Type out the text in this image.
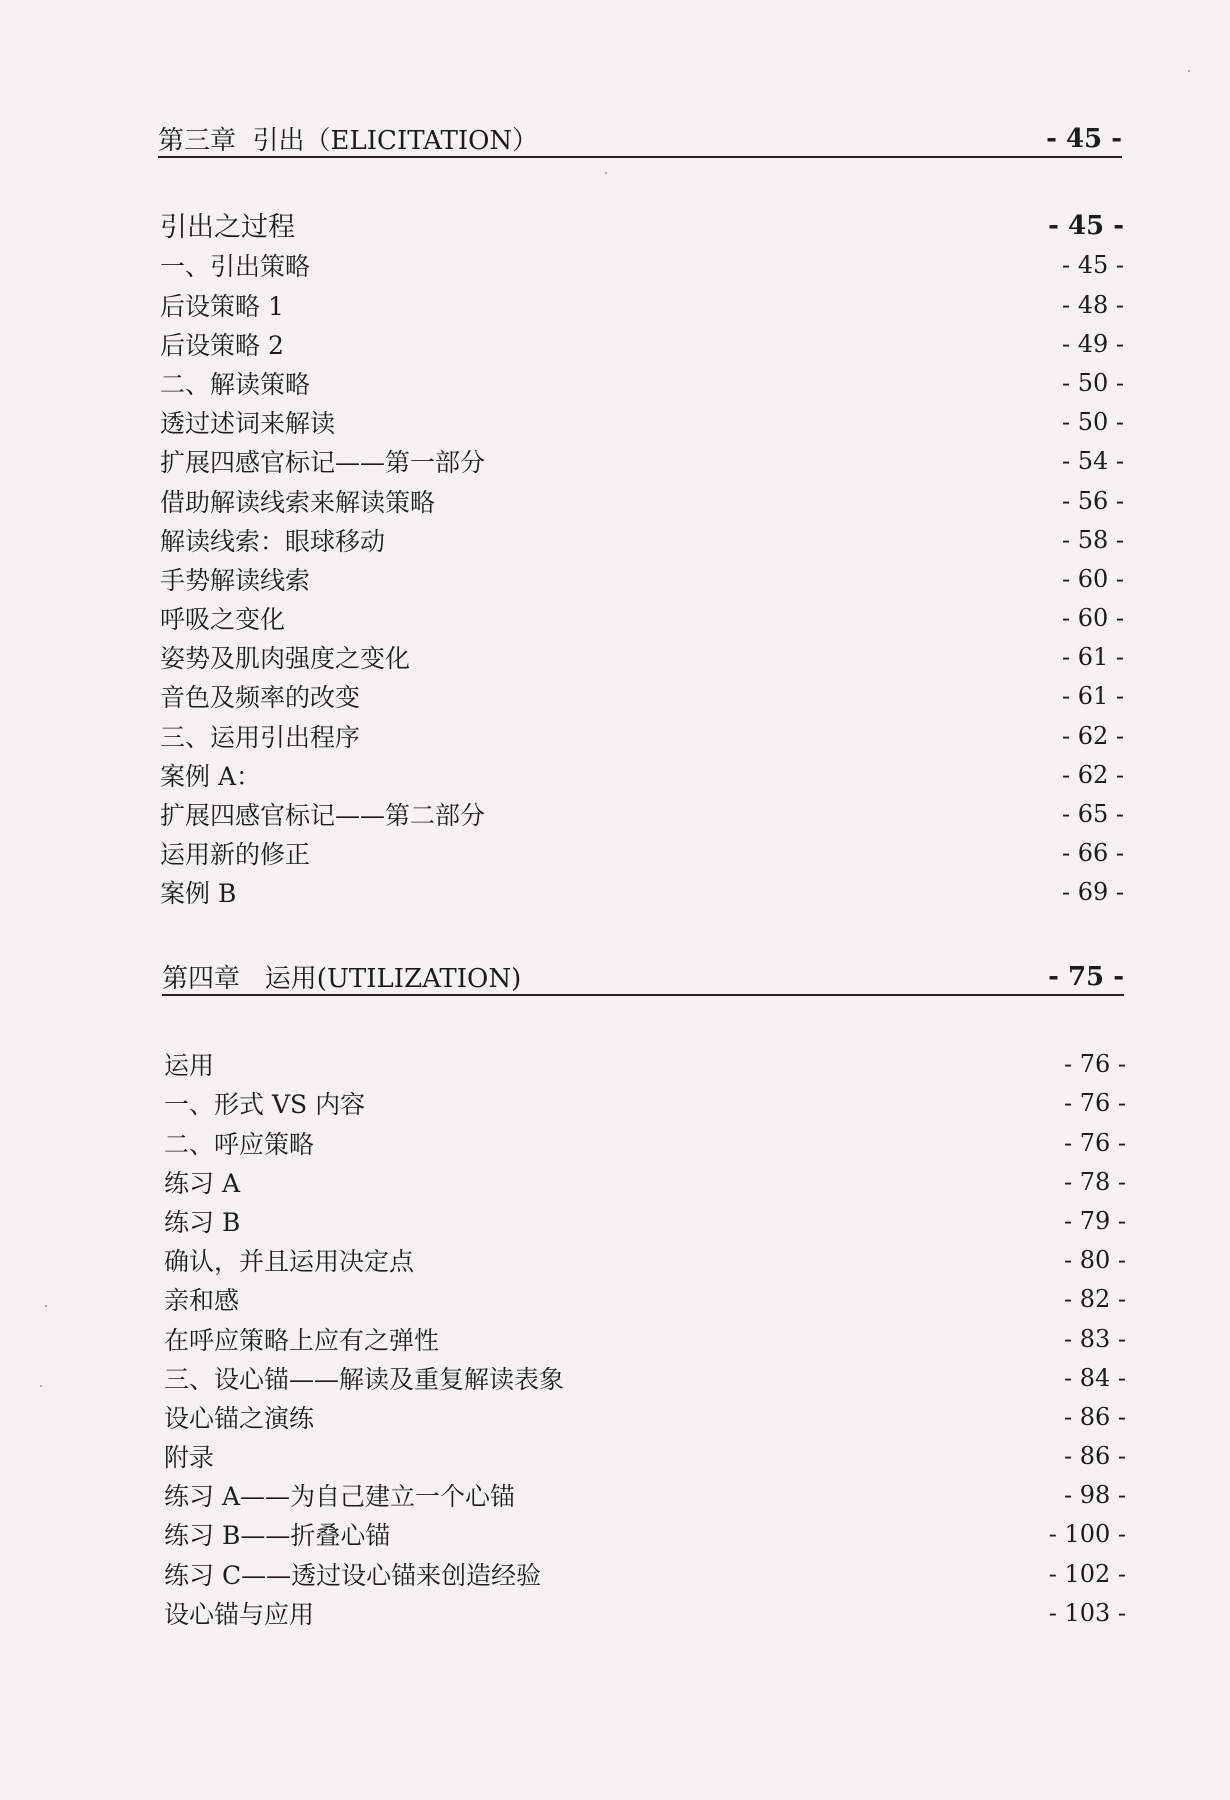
第三章  引出（ELICITATION）	- 45 -
引出之过程	- 45 -
一、引出策略	- 45 -
后设策略 1	- 48 -
后设策略 2	- 49 -
二、解读策略	- 50 -
透过述词来解读	- 50 -
扩展四感官标记——第一部分	- 54 -
借助解读线索来解读策略	- 56 -
解读线索：眼球移动	- 58 -
手势解读线索	- 60 -
呼吸之变化	- 60 -
姿势及肌肉强度之变化	- 61 -
音色及频率的改变	- 61 -
三、运用引出程序	- 62 -
案例 A：	- 62 -
扩展四感官标记——第二部分	- 65 -
运用新的修正	- 66 -
案例 B	- 69 -
第四章   运用(UTILIZATION)	- 75 -
运用	- 76 -
一、形式 VS 内容	- 76 -
二、呼应策略	- 76 -
练习 A	- 78 -
练习 B	- 79 -
确认，并且运用决定点	- 80 -
亲和感	- 82 -
在呼应策略上应有之弹性	- 83 -
三、设心锚——解读及重复解读表象	- 84 -
设心锚之演练	- 86 -
附录	- 86 -
练习 A——为自己建立一个心锚	- 98 -
练习 B——折叠心锚	- 100 -
练习 C——透过设心锚来创造经验	- 102 -
设心锚与应用	- 103 -
